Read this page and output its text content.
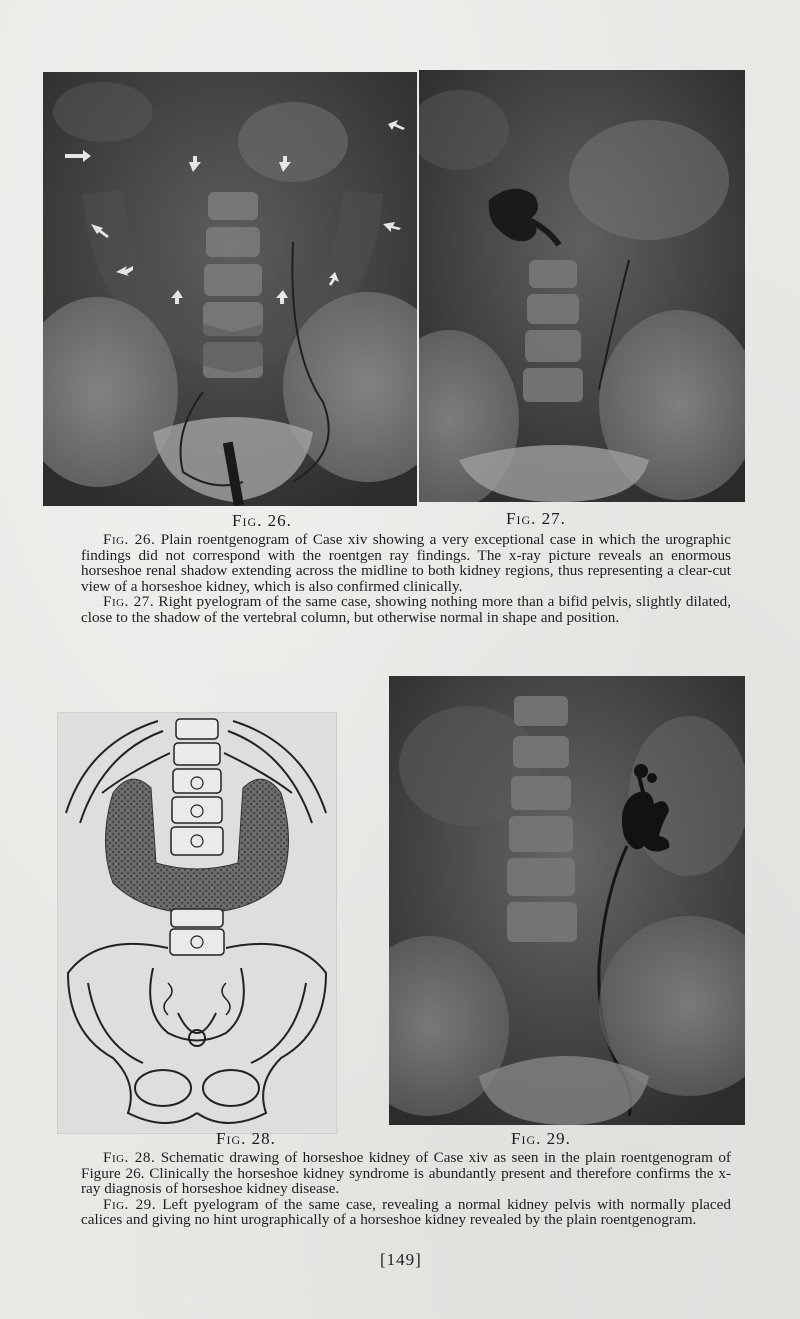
Fig. 26.	Fig. 27.

Fig. 26. Plain roentgenogram of Case xiv showing a very exceptional case in which the urographic findings did not correspond with the roentgen ray findings. The x-ray picture reveals an enormous horseshoe renal shadow extending across the midline to both kidney regions, thus representing a clear-cut view of a horseshoe kidney, which is also confirmed clinically.

Fig. 27. Right pyelogram of the same case, showing nothing more than a bifid pelvis, slightly dilated, close to the shadow of the vertebral column, but otherwise normal in shape and position.

Fig. 28.	Fig. 29.

Fig. 28. Schematic drawing of horseshoe kidney of Case xiv as seen in the plain roentgenogram of Figure 26. Clinically the horseshoe kidney syndrome is abundantly present and therefore confirms the x-ray diagnosis of horseshoe kidney disease.

Fig. 29. Left pyelogram of the same case, revealing a normal kidney pelvis with normally placed calices and giving no hint urographically of a horseshoe kidney revealed by the plain roentgenogram.

[149]
